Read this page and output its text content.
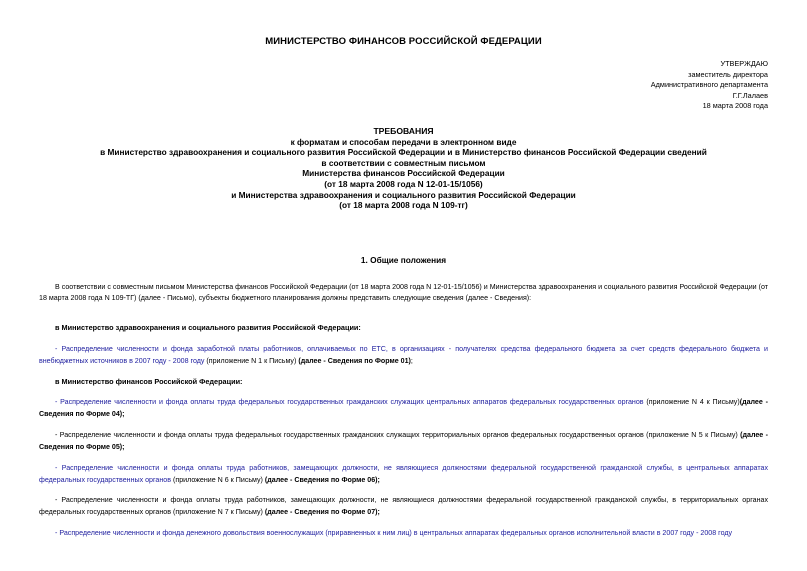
МИНИСТЕРСТВО ФИНАНСОВ РОССИЙСКОЙ ФЕДЕРАЦИИ
УТВЕРЖДАЮ
заместитель директора
Административного департамента
Г.Г.Лалаев
18 марта 2008 года
ТРЕБОВАНИЯ
к форматам и способам передачи в электронном виде
в Министерство здравоохранения и социального развития Российской Федерации и в Министерство финансов Российской Федерации сведений
в соответствии с совместным письмом
Министерства финансов Российской Федерации
(от 18 марта 2008 года N 12-01-15/1056)
и Министерства здравоохранения и социального развития Российской Федерации
(от 18 марта 2008 года N 109-тг)
1. Общие положения
В соответствии с совместным письмом Министерства финансов Российской Федерации (от 18 марта 2008 года N 12-01-15/1056) и Министерства здравоохранения и социального развития Российской Федерации (от 18 марта 2008 года N 109-ТГ) (далее - Письмо), субъекты бюджетного планирования должны представить следующие сведения (далее - Сведения):
в Министерство здравоохранения и социального развития Российской Федерации:
- Распределение численности и фонда заработной платы работников, оплачиваемых по ЕТС, в организациях - получателях средства федерального бюджета за счет средств федерального бюджета и внебюджетных источников в 2007 году - 2008 году (приложение N 1 к Письму) (далее - Сведения по Форме 01);
в Министерство финансов Российской Федерации:
- Распределение численности и фонда оплаты труда федеральных государственных гражданских служащих центральных аппаратов федеральных государственных органов (приложение N 4 к Письму)(далее - Сведения по Форме 04);
- Распределение численности и фонда оплаты труда федеральных государственных гражданских служащих территориальных органов федеральных государственных органов (приложение N 5 к Письму) (далее - Сведения по Форме 05);
- Распределение численности и фонда оплаты труда работников, замещающих должности, не являющиеся должностями федеральной государственной гражданской службы, в центральных аппаратах федеральных государственных органов (приложение N 6 к Письму) (далее - Сведения по Форме 06);
- Распределение численности и фонда оплаты труда работников, замещающих должности, не являющиеся должностями федеральной государственной гражданской службы, в территориальных органах федеральных государственных органов (приложение N 7 к Письму) (далее - Сведения по Форме 07);
- Распределение численности и фонда денежного довольствия военнослужащих (приравненных к ним лиц) в центральных аппаратах федеральных органов исполнительной власти в 2007 году - 2008 году
